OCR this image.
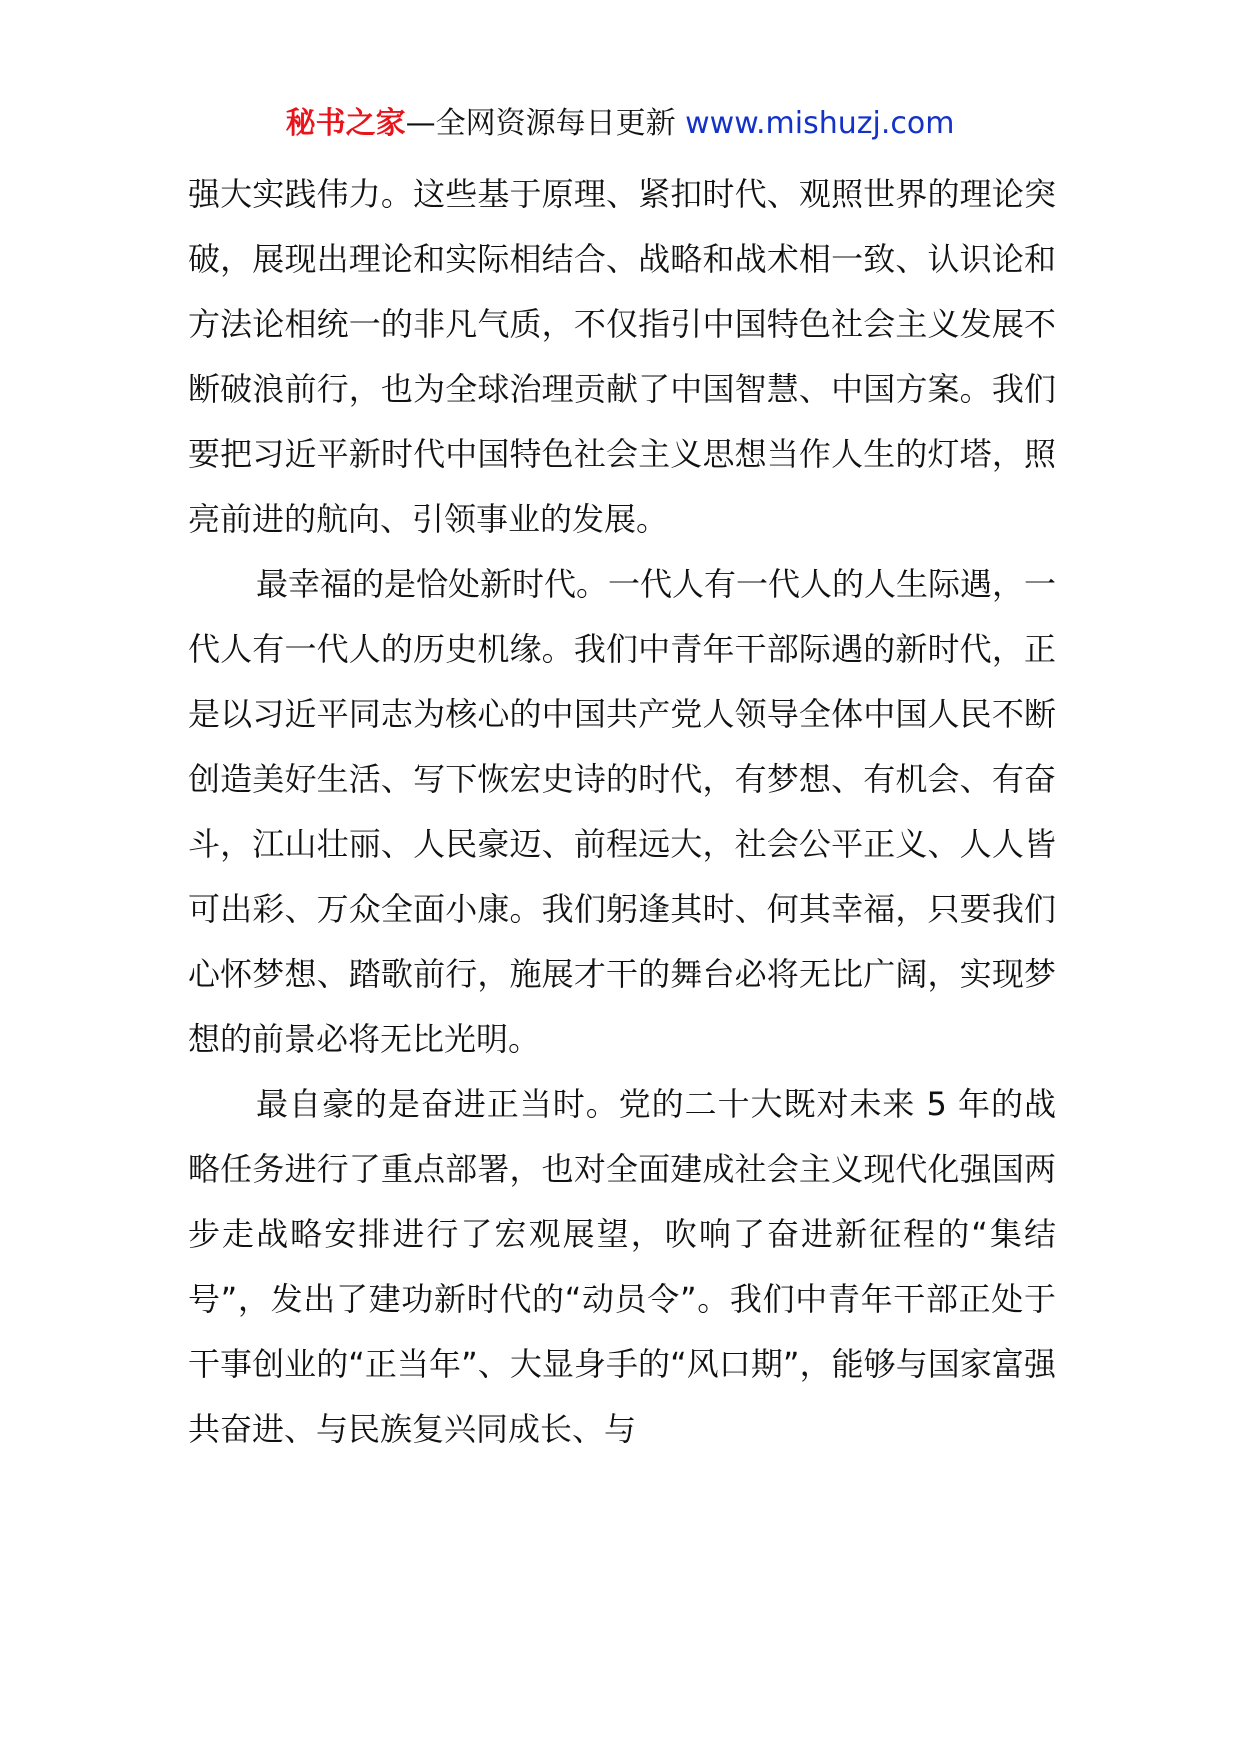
秘书之家—全网资源每日更新 www.mishuzj.com

强大实践伟力。这些基于原理、紧扣时代、观照世界的理论突破，展现出理论和实际相结合、战略和战术相一致、认识论和方法论相统一的非凡气质，不仅指引中国特色社会主义发展不断破浪前行，也为全球治理贡献了中国智慧、中国方案。我们要把习近平新时代中国特色社会主义思想当作人生的灯塔，照亮前进的航向、引领事业的发展。

最幸福的是恰处新时代。一代人有一代人的人生际遇，一代人有一代人的历史机缘。我们中青年干部际遇的新时代，正是以习近平同志为核心的中国共产党人领导全体中国人民不断创造美好生活、写下恢宏史诗的时代，有梦想、有机会、有奋斗，江山壮丽、人民豪迈、前程远大，社会公平正义、人人皆可出彩、万众全面小康。我们躬逢其时、何其幸福，只要我们心怀梦想、踏歌前行，施展才干的舞台必将无比广阔，实现梦想的前景必将无比光明。

最自豪的是奋进正当时。党的二十大既对未来 5 年的战略任务进行了重点部署，也对全面建成社会主义现代化强国两步走战略安排进行了宏观展望，吹响了奋进新征程的“集结号”，发出了建功新时代的“动员令”。我们中青年干部正处于干事创业的“正当年”、大显身手的“风口期”，能够与国家富强共奋进、与民族复兴同成长、与
